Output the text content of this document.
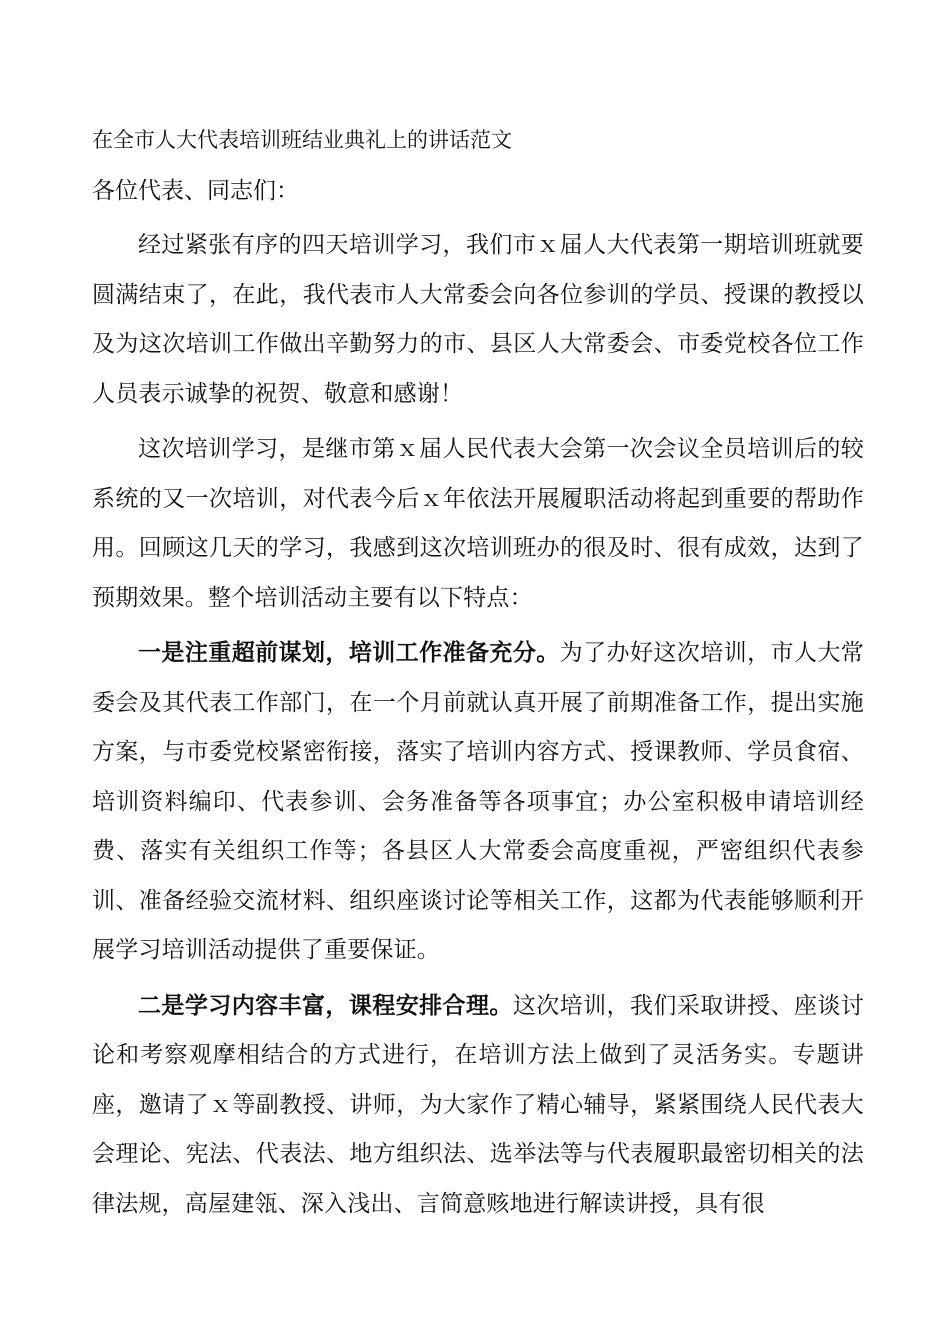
在全市人大代表培训班结业典礼上的讲话范文
各位代表、同志们：

经过紧张有序的四天培训学习，我们市ｘ届人大代表第一期培训班就要圆满结束了，在此，我代表市人大常委会向各位参训的学员、授课的教授以及为这次培训工作做出辛勤努力的市、县区人大常委会、市委党校各位工作人员表示诚挚的祝贺、敬意和感谢！

这次培训学习，是继市第ｘ届人民代表大会第一次会议全员培训后的较系统的又一次培训，对代表今后ｘ年依法开展履职活动将起到重要的帮助作用。回顾这几天的学习，我感到这次培训班办的很及时、很有成效，达到了预期效果。整个培训活动主要有以下特点：

一是注重超前谋划，培训工作准备充分。为了办好这次培训，市人大常委会及其代表工作部门，在一个月前就认真开展了前期准备工作，提出实施方案，与市委党校紧密衔接，落实了培训内容方式、授课教师、学员食宿、培训资料编印、代表参训、会务准备等各项事宜；办公室积极申请培训经费、落实有关组织工作等；各县区人大常委会高度重视，严密组织代表参训、准备经验交流材料、组织座谈讨论等相关工作，这都为代表能够顺利开展学习培训活动提供了重要保证。

二是学习内容丰富，课程安排合理。这次培训，我们采取讲授、座谈讨论和考察观摩相结合的方式进行，在培训方法上做到了灵活务实。专题讲座，邀请了ｘ等副教授、讲师，为大家作了精心辅导，紧紧围绕人民代表大会理论、宪法、代表法、地方组织法、选举法等与代表履职最密切相关的法律法规，高屋建瓴、深入浅出、言简意赅地进行解读讲授，具有很
